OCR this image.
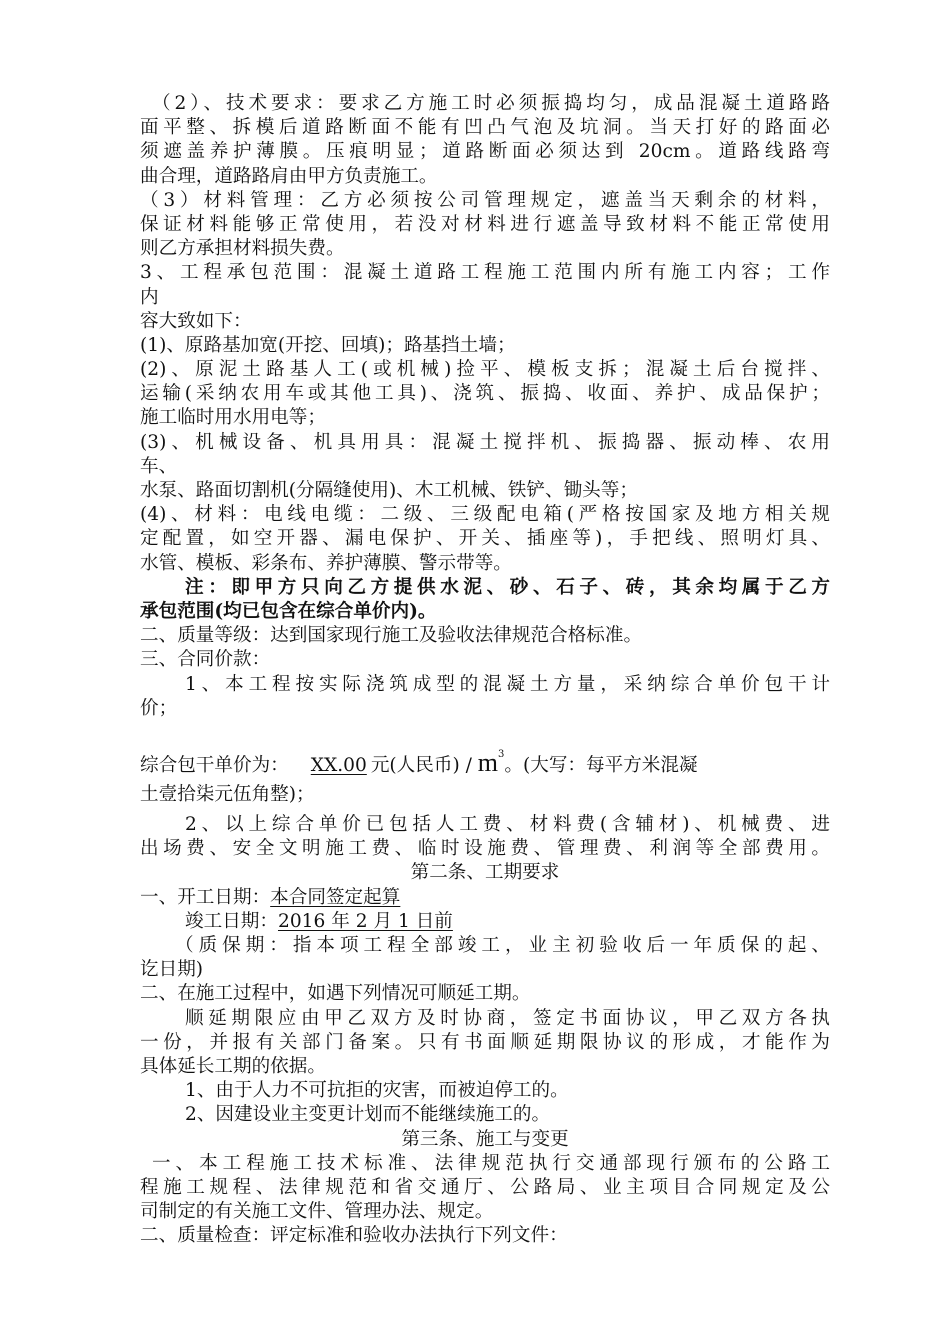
（2）、技术要求：要求乙方施工时必须振捣均匀，成品混凝土道路路
面平整、拆模后道路断面不能有凹凸气泡及坑洞。当天打好的路面必
须遮盖养护薄膜。压痕明显；道路断面必须达到 20cm。道路线路弯
曲合理，道路路肩由甲方负责施工。
（3）材料管理：乙方必须按公司管理规定，遮盖当天剩余的材料，
保证材料能够正常使用，若没对材料进行遮盖导致材料不能正常使用
则乙方承担材料损失费。
3、工程承包范围：混凝土道路工程施工范围内所有施工内容；工作
内
容大致如下：
(1)、原路基加宽(开挖、回填)；路基挡土墙；
(2)、原泥土路基人工(或机械)捡平、模板支拆；混凝土后台搅拌、
运输(采纳农用车或其他工具)、浇筑、振捣、收面、养护、成品保护；
施工临时用水用电等；
(3)、机械设备、机具用具：混凝土搅拌机、振捣器、振动棒、农用
车、
水泵、路面切割机(分隔缝使用)、木工机械、铁铲、锄头等；
(4)、材料：电线电缆：二级、三级配电箱(严格按国家及地方相关规
定配置，如空开器、漏电保护、开关、插座等)，手把线、照明灯具、
水管、模板、彩条布、养护薄膜、警示带等。
注：即甲方只向乙方提供水泥、砂、石子、砖，其余均属于乙方
承包范围(均已包含在综合单价内)。
二、质量等级：达到国家现行施工及验收法律规范合格标准。
三、合同价款：
1、本工程按实际浇筑成型的混凝土方量，采纳综合单价包干计
价；
综合包干单价为： XX.00 元(人民币) / $m^3$。(大写：每平方米混凝
土壹拾柒元伍角整)；
2、以上综合单价已包括人工费、材料费(含辅材)、机械费、进
出场费、安全文明施工费、临时设施费、管理费、利润等全部费用。
第二条、工期要求
一、开工日期：本合同签定起算
竣工日期：2016 年 2 月 1 日前
（质保期：指本项工程全部竣工，业主初验收后一年质保的起、
讫日期)
二、在施工过程中，如遇下列情况可顺延工期。
顺延期限应由甲乙双方及时协商，签定书面协议，甲乙双方各执
一份，并报有关部门备案。只有书面顺延期限协议的形成，才能作为
具体延长工期的依据。
1、由于人力不可抗拒的灾害，而被迫停工的。
2、因建设业主变更计划而不能继续施工的。
第三条、施工与变更
一、本工程施工技术标准、法律规范执行交通部现行颁布的公路工
程施工规程、法律规范和省交通厅、公路局、业主项目合同规定及公
司制定的有关施工文件、管理办法、规定。
二、质量检查：评定标准和验收办法执行下列文件：
